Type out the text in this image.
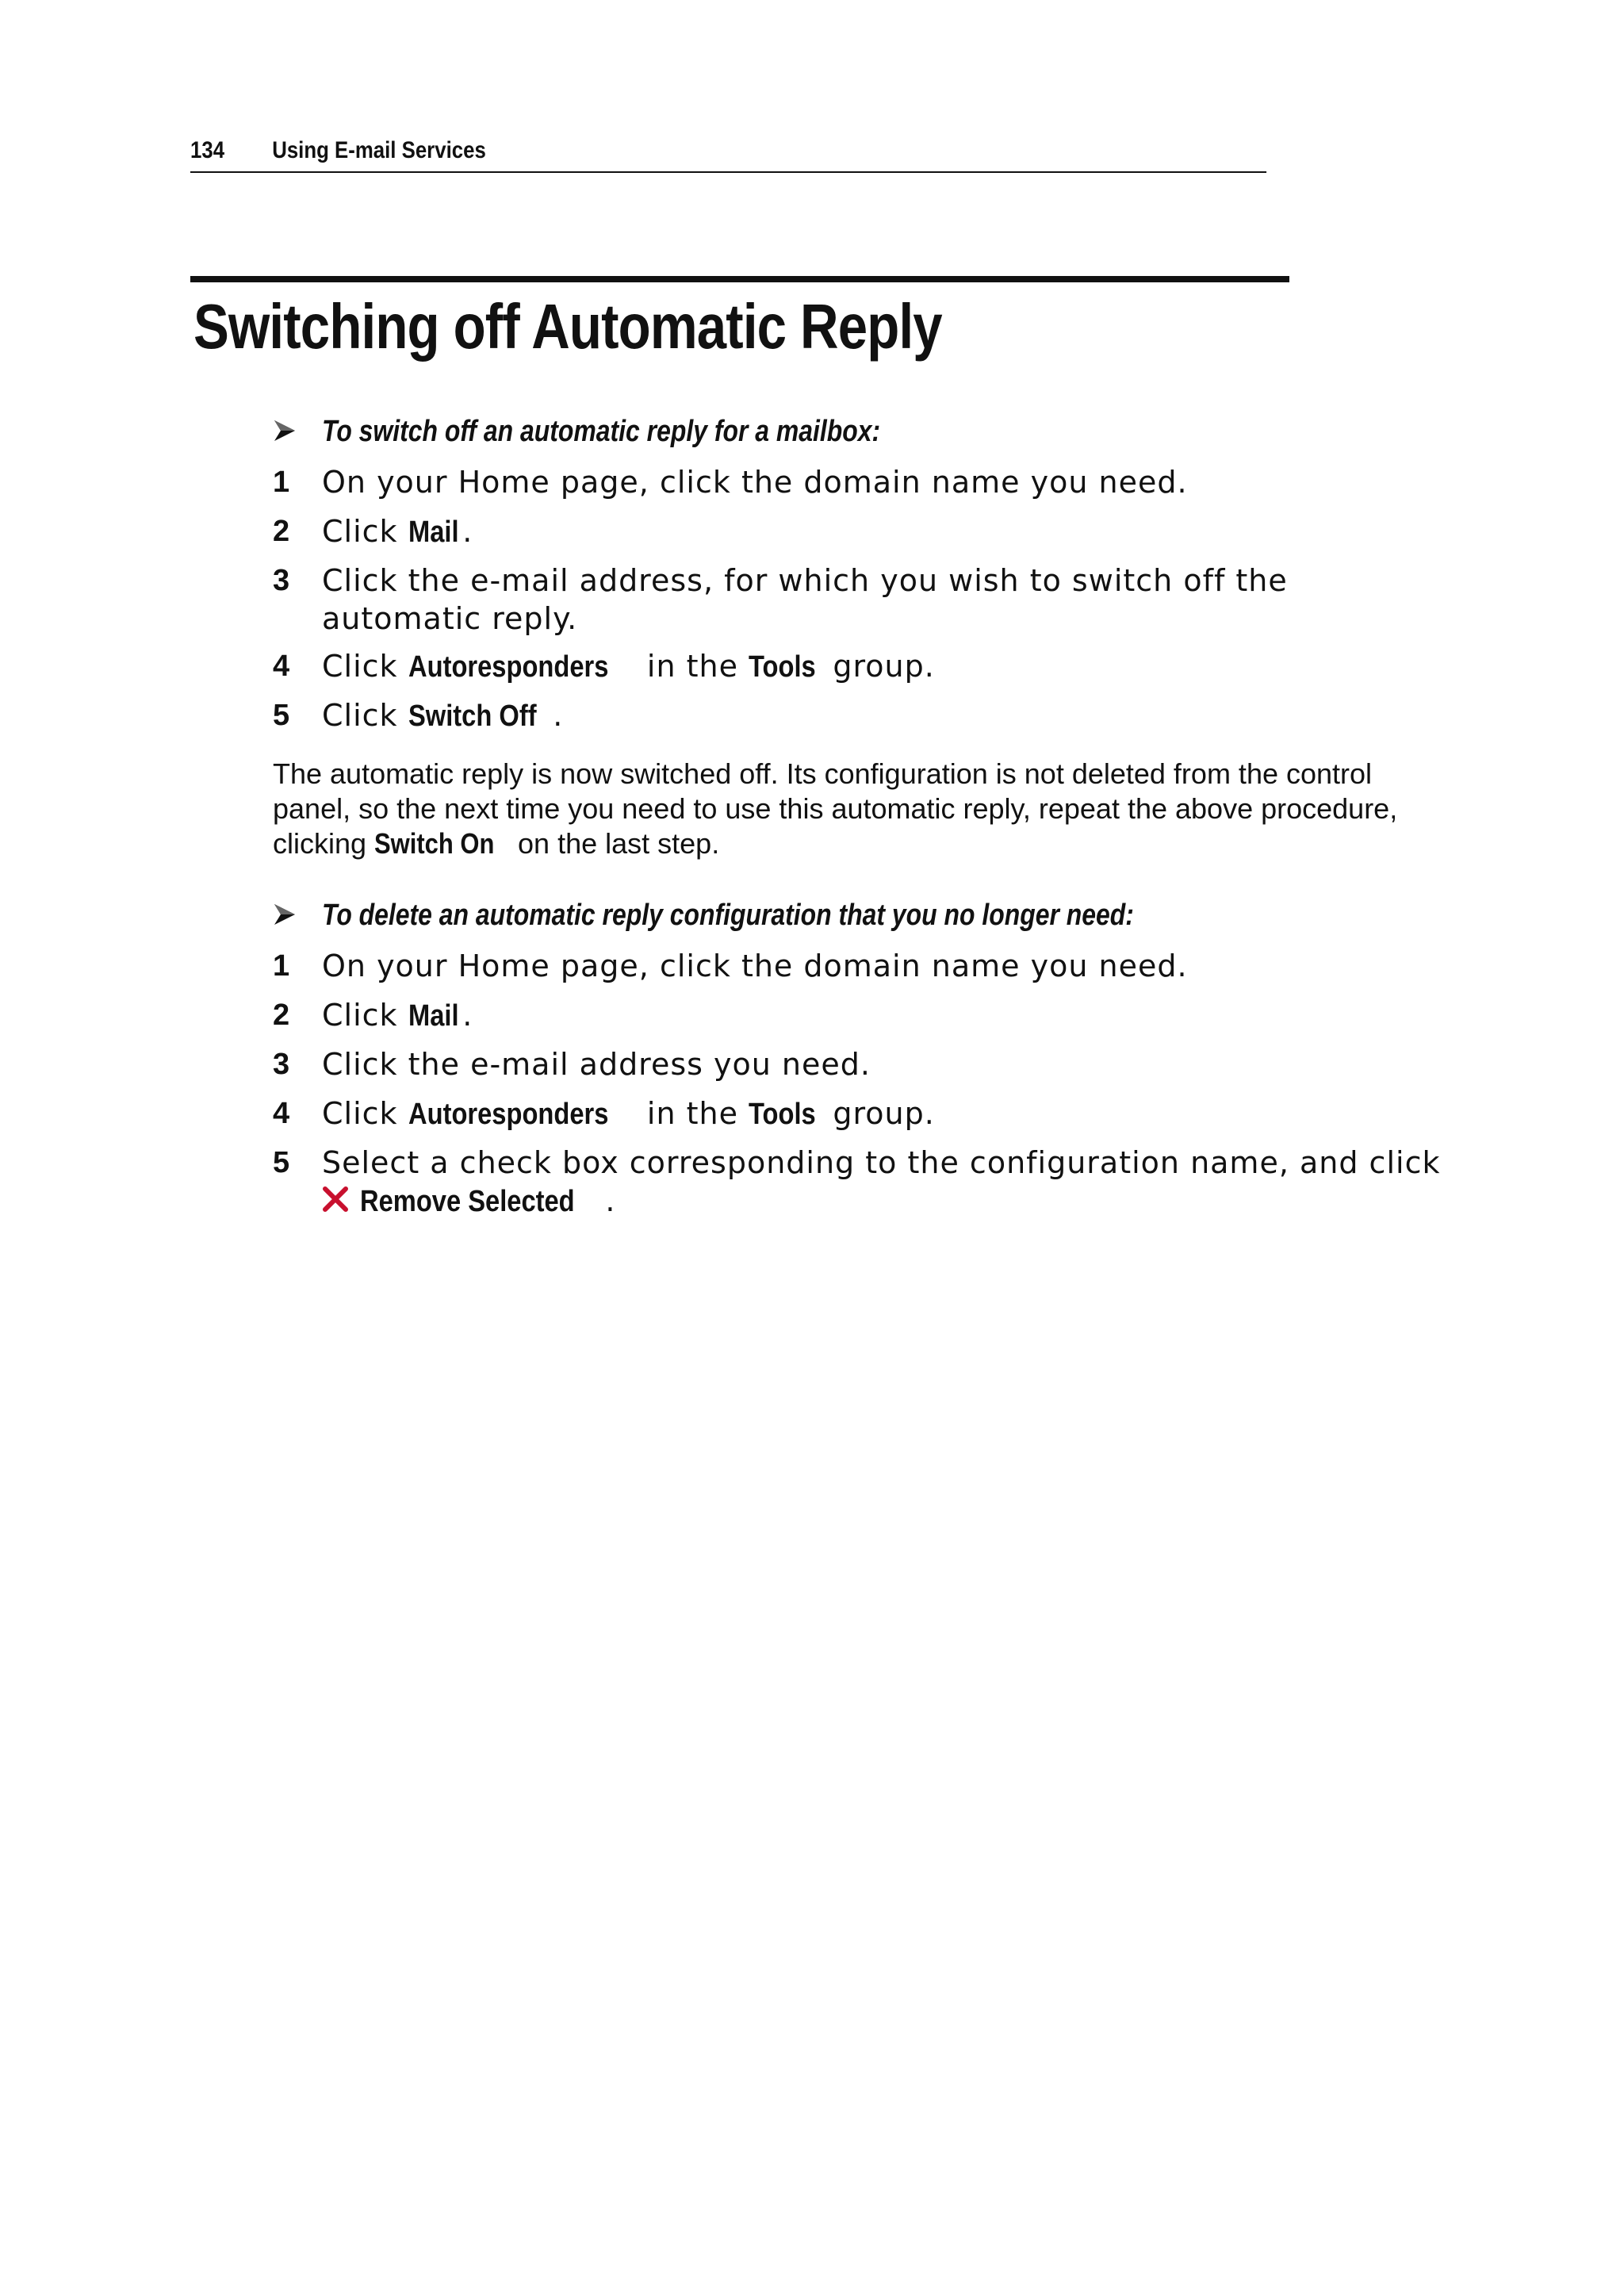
134 Using E-mail Services
Switching off Automatic Reply
To switch off an automatic reply for a mailbox:
1	On your Home page, click the domain name you need.
2	Click Mail .
3	Click the e-mail address, for which you wish to switch off the automatic reply.
4	Click Autoresponders in the Tools group.
5	Click Switch Off .
The automatic reply is now switched off. Its configuration is not deleted from the control panel, so the next time you need to use this automatic reply, repeat the above procedure, clicking Switch On on the last step.
To delete an automatic reply configuration that you no longer need:
1	On your Home page, click the domain name you need.
2	Click Mail .
3	Click the e-mail address you need.
4	Click Autoresponders in the Tools group.
5	Select a check box corresponding to the configuration name, and click
Remove Selected .
